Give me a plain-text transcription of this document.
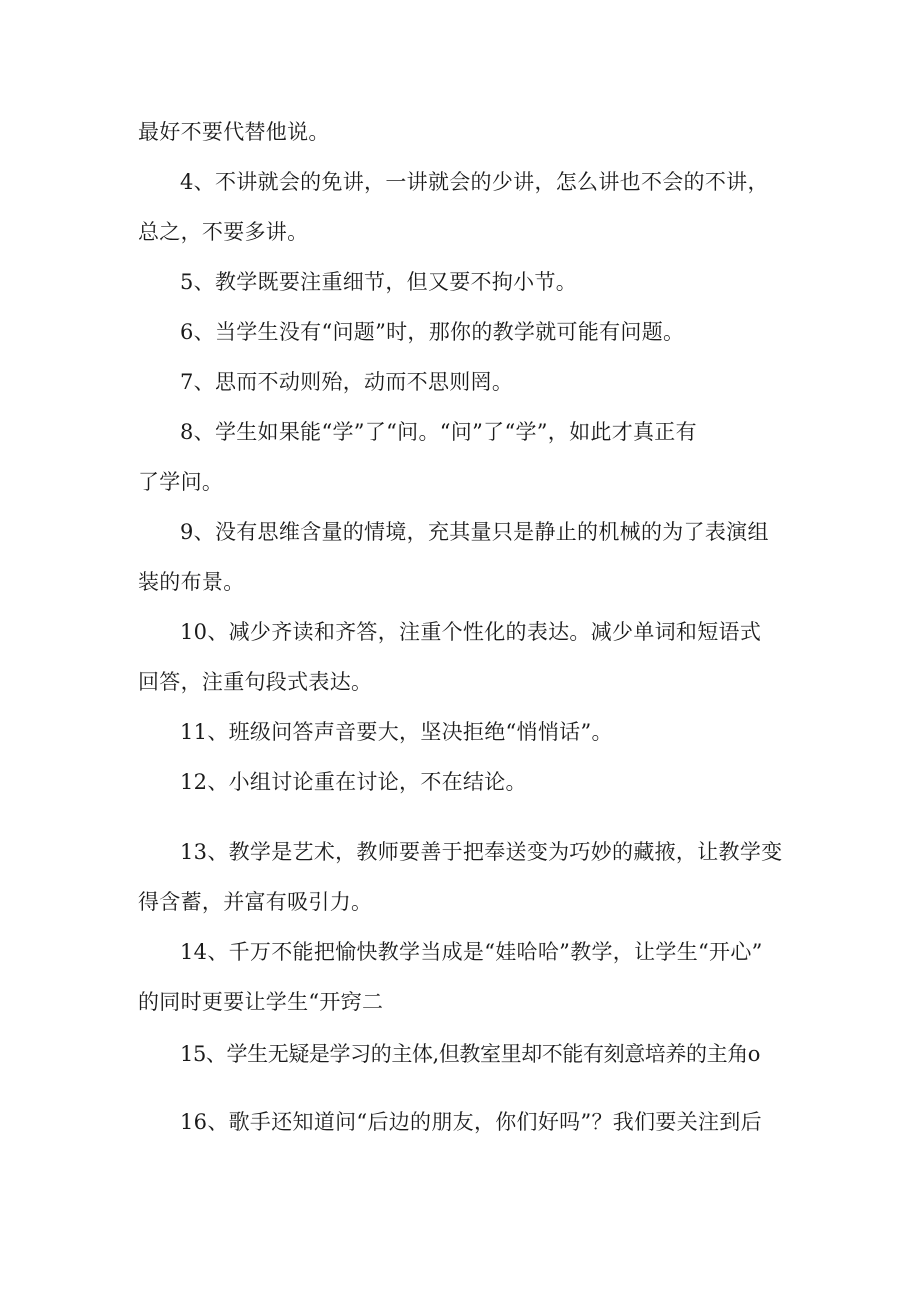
最好不要代替他说。
4、不讲就会的免讲，一讲就会的少讲，怎么讲也不会的不讲，
总之，不要多讲。
5、教学既要注重细节，但又要不拘小节。
6、当学生没有“问题”时，那你的教学就可能有问题。
7、思而不动则殆，动而不思则罔。
8、学生如果能“学”了“问。“问”了“学”，如此才真正有
了学问。
9、没有思维含量的情境，充其量只是静止的机械的为了表演组
装的布景。
10、减少齐读和齐答，注重个性化的表达。减少单词和短语式
回答，注重句段式表达。
11、班级问答声音要大，坚决拒绝“悄悄话”。
12、小组讨论重在讨论，不在结论。
13、教学是艺术，教师要善于把奉送变为巧妙的藏掖，让教学变
得含蓄，并富有吸引力。
14、千万不能把愉快教学当成是“娃哈哈”教学，让学生“开心”
的同时更要让学生“开窍二
15、学生无疑是学习的主体,但教室里却不能有刻意培养的主角o
16、歌手还知道问“后边的朋友，你们好吗”？我们要关注到后
